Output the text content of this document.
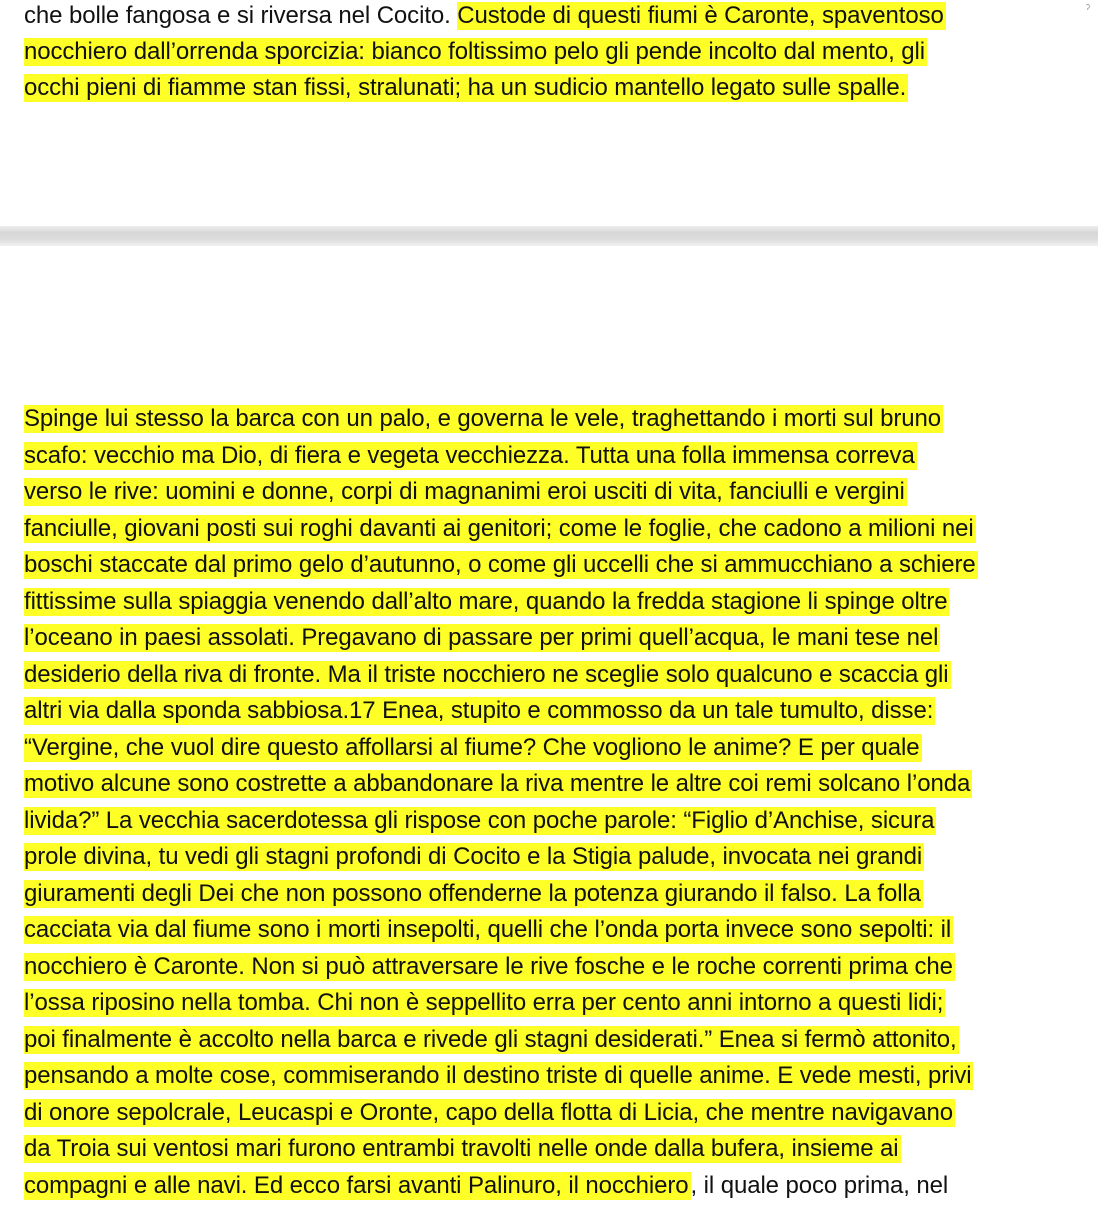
ˀ
che bolle fangosa e si riversa nel Cocito. Custode di questi fiumi è Caronte, spaventoso
nocchiero dall’orrenda sporcizia: bianco foltissimo pelo gli pende incolto dal mento, gli
occhi pieni di fiamme stan fissi, stralunati; ha un sudicio mantello legato sulle spalle.
Spinge lui stesso la barca con un palo, e governa le vele, traghettando i morti sul bruno
scafo: vecchio ma Dio, di fiera e vegeta vecchiezza. Tutta una folla immensa correva
verso le rive: uomini e donne, corpi di magnanimi eroi usciti di vita, fanciulli e vergini
fanciulle, giovani posti sui roghi davanti ai genitori; come le foglie, che cadono a milioni nei
boschi staccate dal primo gelo d’autunno, o come gli uccelli che si ammucchiano a schiere
fittissime sulla spiaggia venendo dall’alto mare, quando la fredda stagione li spinge oltre
l’oceano in paesi assolati. Pregavano di passare per primi quell’acqua, le mani tese nel
desiderio della riva di fronte. Ma il triste nocchiero ne sceglie solo qualcuno e scaccia gli
altri via dalla sponda sabbiosa.17 Enea, stupito e commosso da un tale tumulto, disse:
“Vergine, che vuol dire questo affollarsi al fiume? Che vogliono le anime? E per quale
motivo alcune sono costrette a abbandonare la riva mentre le altre coi remi solcano l’onda
livida?” La vecchia sacerdotessa gli rispose con poche parole: “Figlio d’Anchise, sicura
prole divina, tu vedi gli stagni profondi di Cocito e la Stigia palude, invocata nei grandi
giuramenti degli Dei che non possono offenderne la potenza giurando il falso. La folla
cacciata via dal fiume sono i morti insepolti, quelli che l’onda porta invece sono sepolti: il
nocchiero è Caronte. Non si può attraversare le rive fosche e le roche correnti prima che
l’ossa riposino nella tomba. Chi non è seppellito erra per cento anni intorno a questi lidi;
poi finalmente è accolto nella barca e rivede gli stagni desiderati.” Enea si fermò attonito,
pensando a molte cose, commiserando il destino triste di quelle anime. E vede mesti, privi
di onore sepolcrale, Leucaspi e Oronte, capo della flotta di Licia, che mentre navigavano
da Troia sui ventosi mari furono entrambi travolti nelle onde dalla bufera, insieme ai
compagni e alle navi. Ed ecco farsi avanti Palinuro, il nocchiero, il quale poco prima, nel
